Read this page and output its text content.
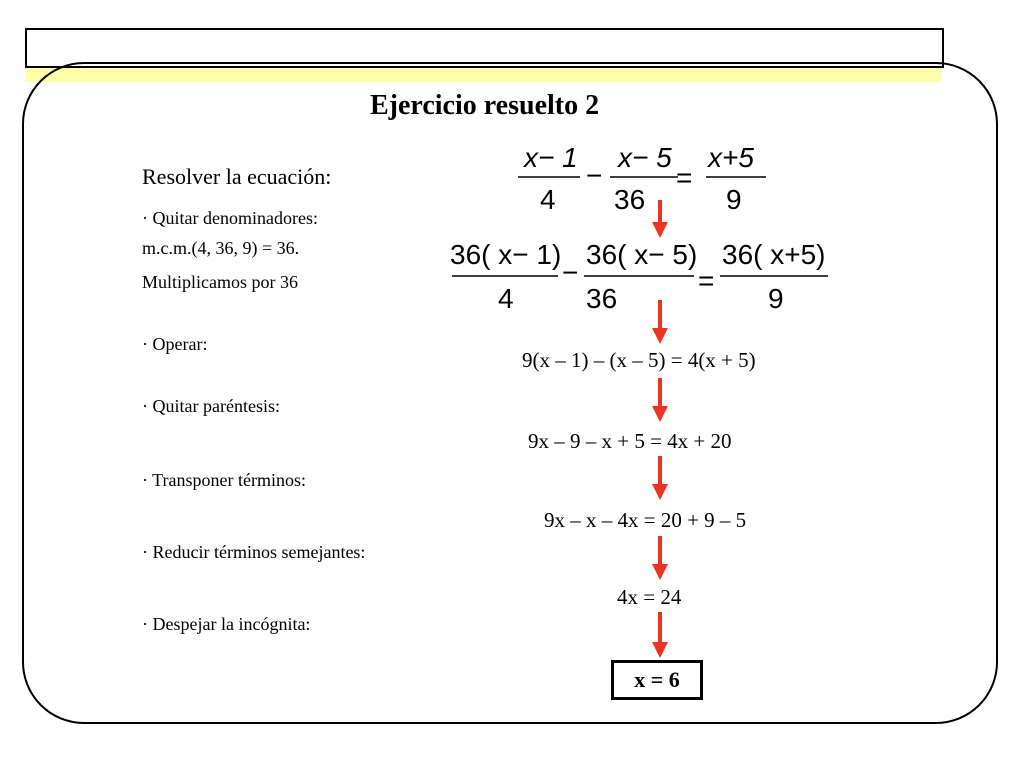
Ejercicio resuelto 2
Resolver la ecuación:
· Quitar denominadores:
m.c.m.(4, 36, 9) = 36.
Multiplicamos por 36
· Operar:
· Quitar paréntesis:
· Transponer términos:
· Reducir términos semejantes:
· Despejar la incógnita:
x− 1
4
−
x− 5
36
=
x+5
9
36( x− 1)
4
−
36( x− 5)
36
=
36( x+5)
9
9(x – 1) – (x – 5) = 4(x + 5)
9x – 9 – x + 5 = 4x + 20
9x – x – 4x = 20 + 9 – 5
4x = 24
x = 6
